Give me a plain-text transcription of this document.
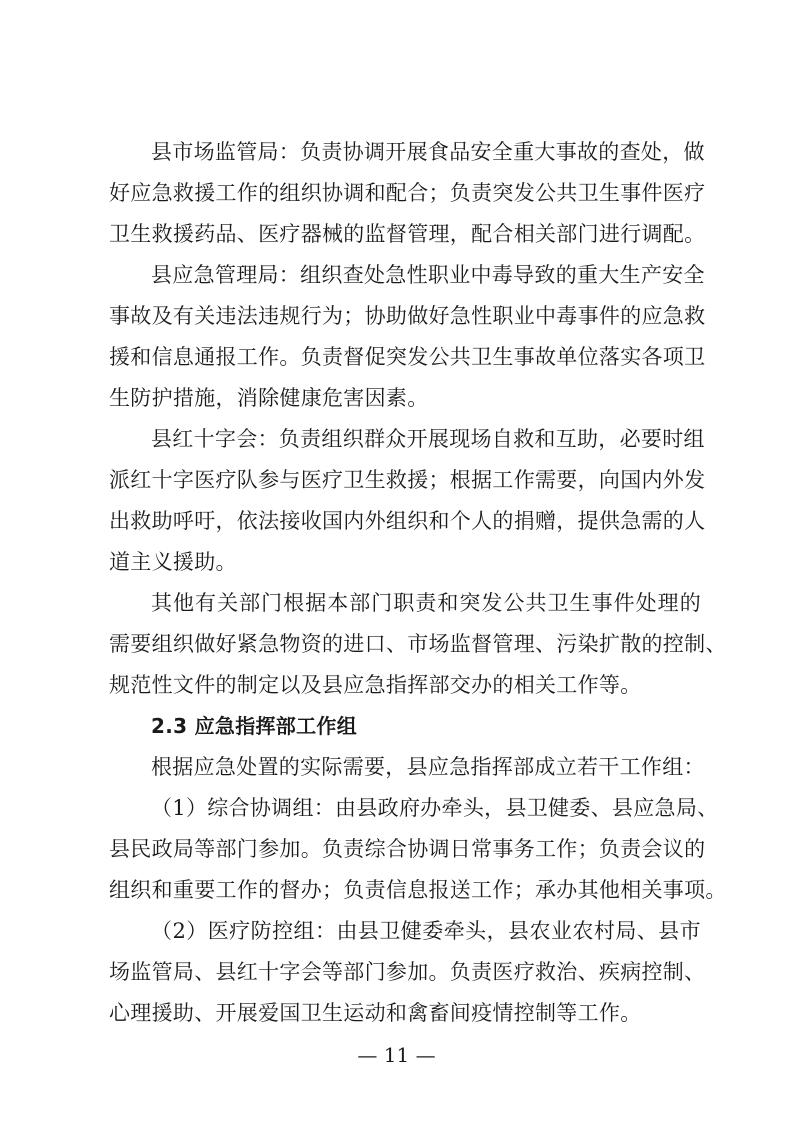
县市场监管局：负责协调开展食品安全重大事故的查处，做
好应急救援工作的组织协调和配合；负责突发公共卫生事件医疗
卫生救援药品、医疗器械的监督管理，配合相关部门进行调配。
县应急管理局：组织查处急性职业中毒导致的重大生产安全
事故及有关违法违规行为；协助做好急性职业中毒事件的应急救
援和信息通报工作。负责督促突发公共卫生事故单位落实各项卫
生防护措施，消除健康危害因素。
县红十字会：负责组织群众开展现场自救和互助，必要时组
派红十字医疗队参与医疗卫生救援；根据工作需要，向国内外发
出救助呼吁，依法接收国内外组织和个人的捐赠，提供急需的人
道主义援助。
其他有关部门根据本部门职责和突发公共卫生事件处理的
需要组织做好紧急物资的进口、市场监督管理、污染扩散的控制、
规范性文件的制定以及县应急指挥部交办的相关工作等。
2.3 应急指挥部工作组
根据应急处置的实际需要，县应急指挥部成立若干工作组：
（1）综合协调组：由县政府办牵头，县卫健委、县应急局、
县民政局等部门参加。负责综合协调日常事务工作；负责会议的
组织和重要工作的督办；负责信息报送工作；承办其他相关事项。
（2）医疗防控组：由县卫健委牵头，县农业农村局、县市
场监管局、县红十字会等部门参加。负责医疗救治、疾病控制、
心理援助、开展爱国卫生运动和禽畜间疫情控制等工作。
— 11 —
